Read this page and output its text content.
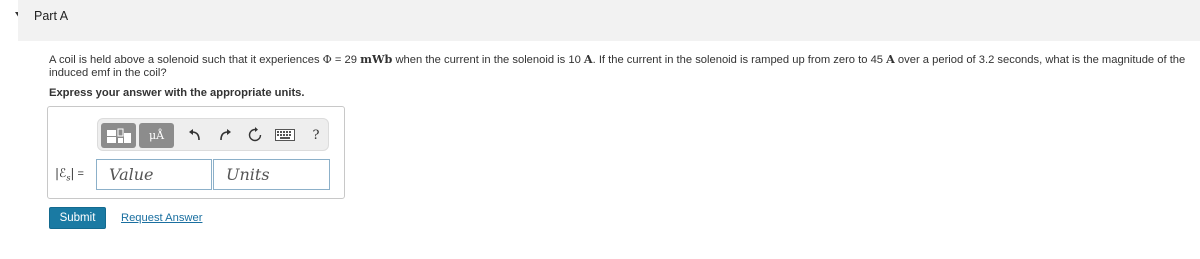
Part A
A coil is held above a solenoid such that it experiences Φ = 29 mWb when the current in the solenoid is 10 A. If the current in the solenoid is ramped up from zero to 45 A over a period of 3.2 seconds, what is the magnitude of the induced emf in the coil?
Express your answer with the appropriate units.
μÅ	?
|ℰ$_s$| =
Value
Units
Submit	Request Answer
